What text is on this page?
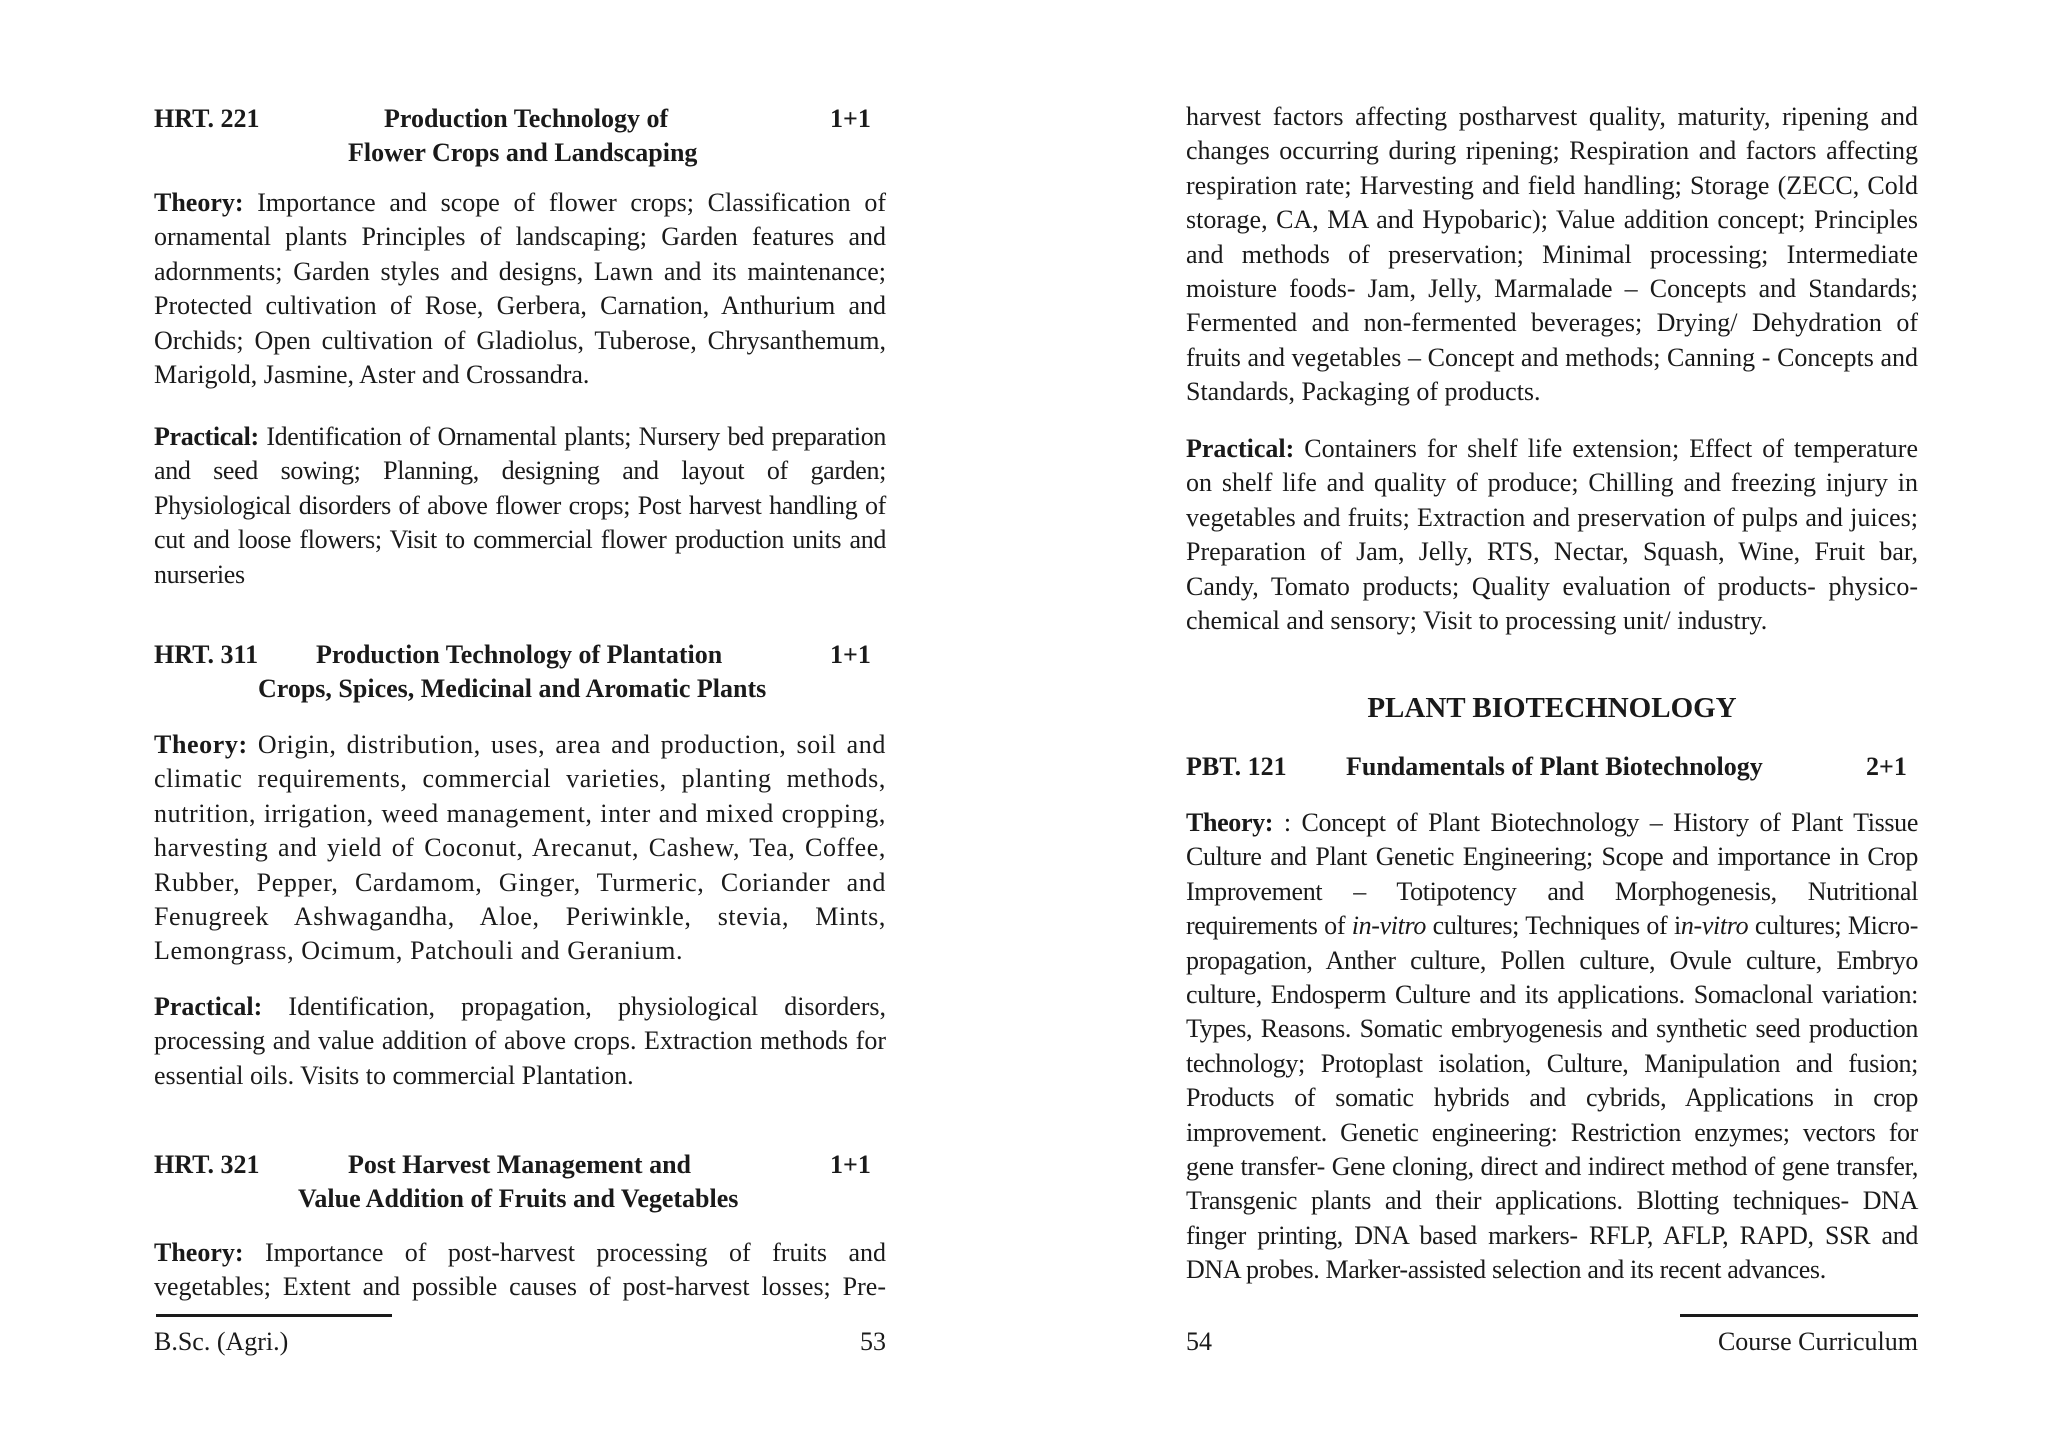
HRT. 221	Production Technology of	1+1
Flower Crops and Landscaping

Theory: Importance and scope of flower crops; Classification of ornamental plants Principles of landscaping; Garden features and adornments; Garden styles and designs, Lawn and its maintenance; Protected cultivation of Rose, Gerbera, Carnation, Anthurium and Orchids; Open cultivation of Gladiolus, Tuberose, Chrysanthemum, Marigold, Jasmine, Aster and Crossandra.

Practical: Identification of Ornamental plants; Nursery bed preparation and seed sowing; Planning, designing and layout of garden; Physiological disorders of above flower crops; Post harvest handling of cut and loose flowers; Visit to commercial flower production units and nurseries

HRT. 311 Production Technology of Plantation	1+1
Crops, Spices, Medicinal and Aromatic Plants

Theory: Origin, distribution, uses, area and production, soil and climatic requirements, commercial varieties, planting methods, nutrition, irrigation, weed management, inter and mixed cropping, harvesting and yield of Coconut, Arecanut, Cashew, Tea, Coffee, Rubber, Pepper, Cardamom, Ginger, Turmeric, Coriander and Fenugreek Ashwagandha, Aloe, Periwinkle, stevia, Mints, Lemongrass, Ocimum, Patchouli and Geranium.

Practical: Identification, propagation, physiological disorders, processing and value addition of above crops. Extraction methods for essential oils. Visits to commercial Plantation.

HRT. 321	Post Harvest Management and	1+1
Value Addition of Fruits and Vegetables

Theory: Importance of post-harvest processing of fruits and vegetables; Extent and possible causes of post-harvest losses; Pre-

B.Sc. (Agri.)	53

harvest factors affecting postharvest quality, maturity, ripening and changes occurring during ripening; Respiration and factors affecting respiration rate; Harvesting and field handling; Storage (ZECC, Cold storage, CA, MA and Hypobaric); Value addition concept; Principles and methods of preservation; Minimal processing; Intermediate moisture foods- Jam, Jelly, Marmalade – Concepts and Standards; Fermented and non-fermented beverages; Drying/ Dehydration of fruits and vegetables – Concept and methods; Canning - Concepts and Standards, Packaging of products.

Practical: Containers for shelf life extension; Effect of temperature on shelf life and quality of produce; Chilling and freezing injury in vegetables and fruits; Extraction and preservation of pulps and juices; Preparation of Jam, Jelly, RTS, Nectar, Squash, Wine, Fruit bar, Candy, Tomato products; Quality evaluation of products- physico-chemical and sensory; Visit to processing unit/ industry.

PLANT BIOTECHNOLOGY
PBT. 121 Fundamentals of Plant Biotechnology	2+1

Theory: : Concept of Plant Biotechnology – History of Plant Tissue Culture and Plant Genetic Engineering; Scope and importance in Crop Improvement – Totipotency and Morphogenesis, Nutritional requirements of in-vitro cultures; Techniques of in-vitro cultures; Micro-propagation, Anther culture, Pollen culture, Ovule culture, Embryo culture, Endosperm Culture and its applications. Somaclonal variation: Types, Reasons. Somatic embryogenesis and synthetic seed production technology; Protoplast isolation, Culture, Manipulation and fusion; Products of somatic hybrids and cybrids, Applications in crop improvement. Genetic engineering: Restriction enzymes; vectors for gene transfer- Gene cloning, direct and indirect method of gene transfer, Transgenic plants and their applications. Blotting techniques- DNA finger printing, DNA based markers- RFLP, AFLP, RAPD, SSR and DNA probes. Marker-assisted selection and its recent advances.

54	Course Curriculum
